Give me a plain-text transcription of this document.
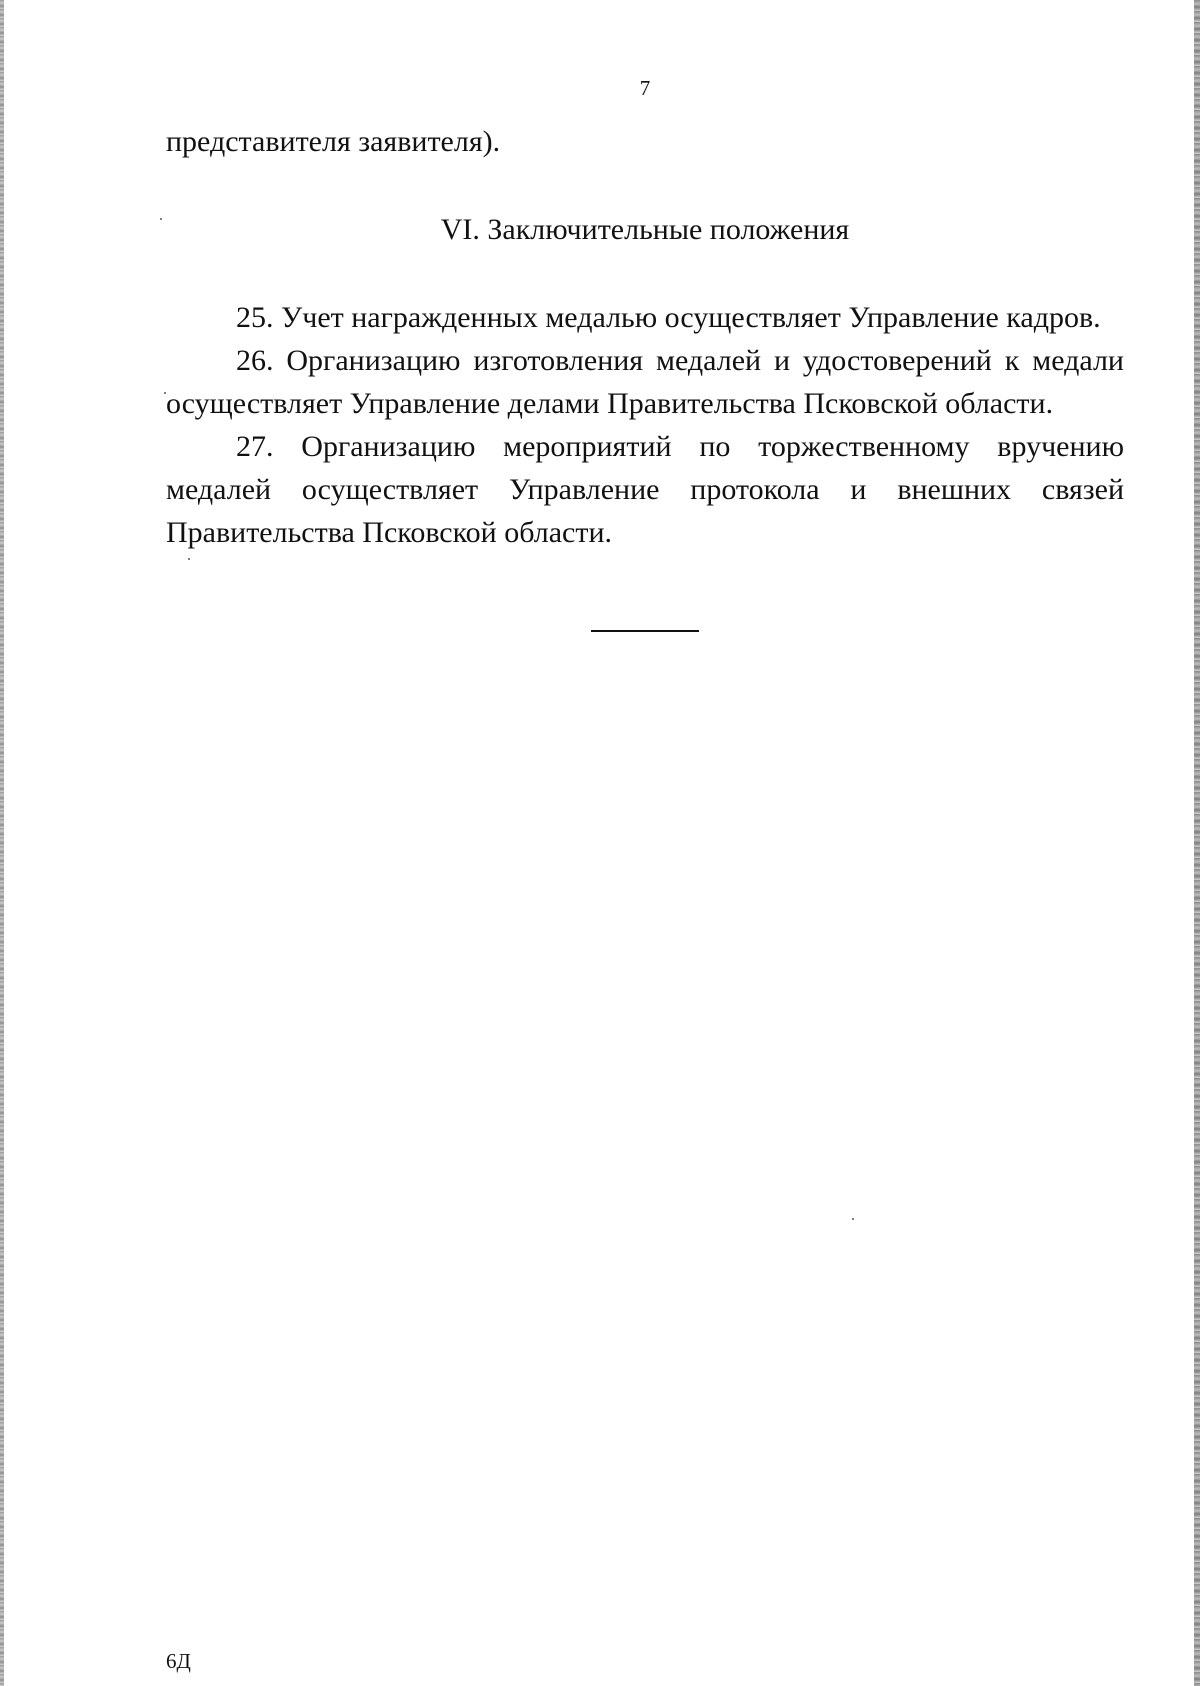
7
представителя заявителя).
VI. Заключительные положения
25. Учет награжденных медалью осуществляет Управление кадров.
26. Организацию изготовления медалей и удостоверений к медали
осуществляет Управление делами Правительства Псковской области.
27. Организацию мероприятий по торжественному вручению
медалей осуществляет Управление протокола и внешних связей
Правительства Псковской области.
6Д
